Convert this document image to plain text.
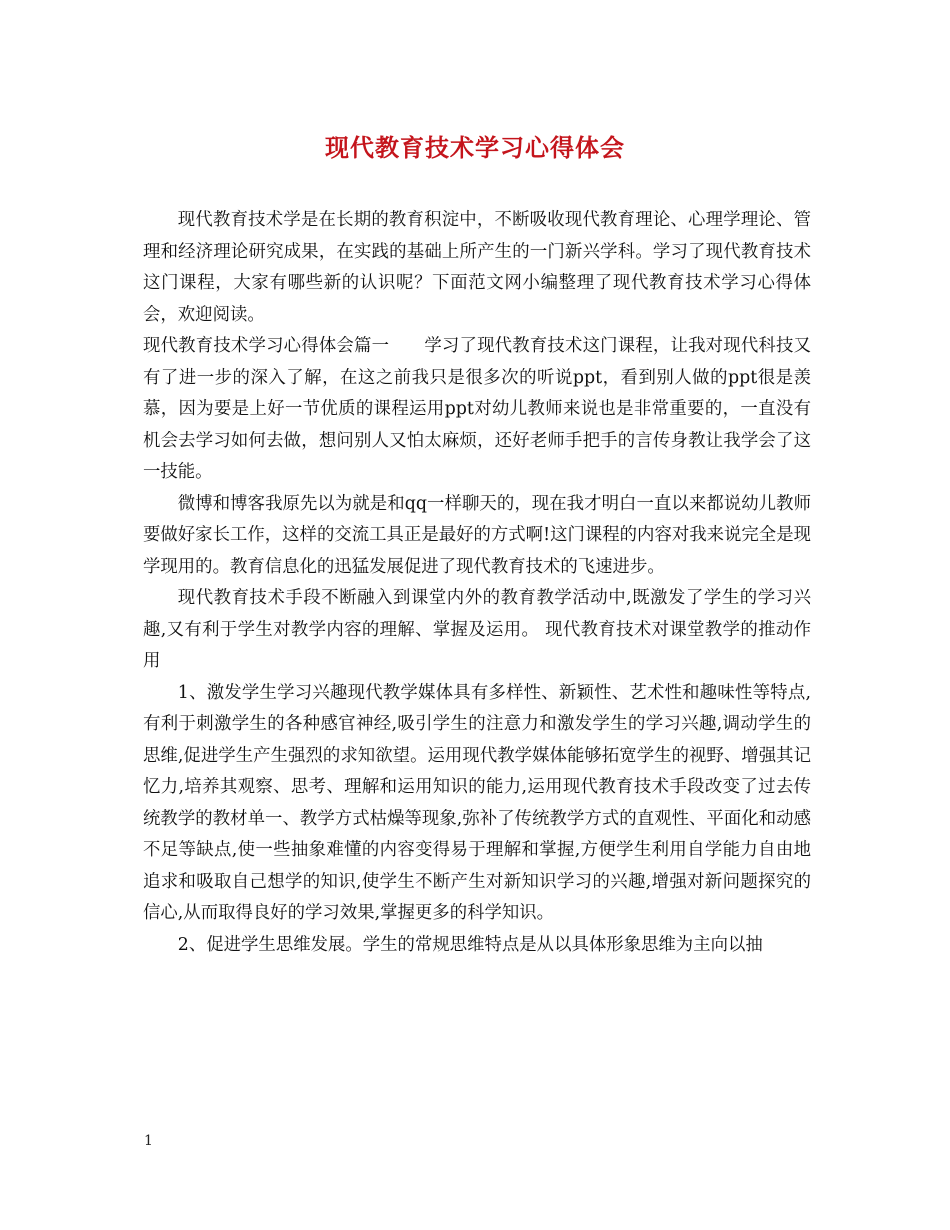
现代教育技术学习心得体会

现代教育技术学是在长期的教育积淀中，不断吸收现代教育理论、心理学理论、管理和经济理论研究成果，在实践的基础上所产生的一门新兴学科。学习了现代教育技术这门课程，大家有哪些新的认识呢？下面范文网小编整理了现代教育技术学习心得体会，欢迎阅读。

现代教育技术学习心得体会篇一　　学习了现代教育技术这门课程，让我对现代科技又有了进一步的深入了解，在这之前我只是很多次的听说ppt，看到别人做的ppt很是羡慕，因为要是上好一节优质的课程运用ppt对幼儿教师来说也是非常重要的，一直没有机会去学习如何去做，想问别人又怕太麻烦，还好老师手把手的言传身教让我学会了这一技能。

微博和博客我原先以为就是和qq一样聊天的，现在我才明白一直以来都说幼儿教师要做好家长工作，这样的交流工具正是最好的方式啊!这门课程的内容对我来说完全是现学现用的。教育信息化的迅猛发展促进了现代教育技术的飞速进步。

现代教育技术手段不断融入到课堂内外的教育教学活动中,既激发了学生的学习兴趣,又有利于学生对教学内容的理解、掌握及运用。 现代教育技术对课堂教学的推动作用

1、激发学生学习兴趣现代教学媒体具有多样性、新颖性、艺术性和趣味性等特点,有利于刺激学生的各种感官神经,吸引学生的注意力和激发学生的学习兴趣,调动学生的思维,促进学生产生强烈的求知欲望。运用现代教学媒体能够拓宽学生的视野、增强其记忆力,培养其观察、思考、理解和运用知识的能力,运用现代教育技术手段改变了过去传统教学的教材单一、教学方式枯燥等现象,弥补了传统教学方式的直观性、平面化和动感不足等缺点,使一些抽象难懂的内容变得易于理解和掌握,方便学生利用自学能力自由地追求和吸取自己想学的知识,使学生不断产生对新知识学习的兴趣,增强对新问题探究的信心,从而取得良好的学习效果,掌握更多的科学知识。

2、促进学生思维发展。学生的常规思维特点是从以具体形象思维为主向以抽

1
